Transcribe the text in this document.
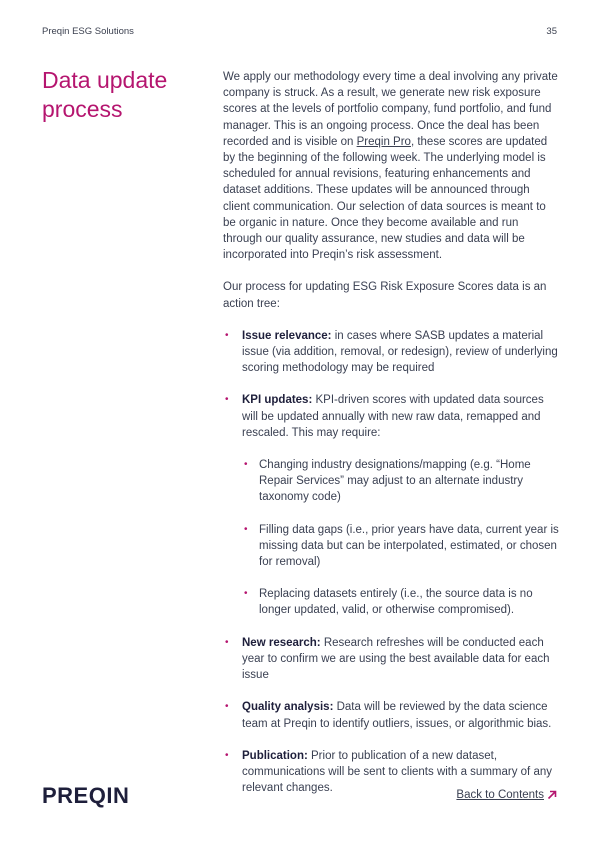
Preqin ESG Solutions	35
Data update process

We apply our methodology every time a deal involving any private company is struck. As a result, we generate new risk exposure scores at the levels of portfolio company, fund portfolio, and fund manager. This is an ongoing process. Once the deal has been recorded and is visible on Preqin Pro, these scores are updated by the beginning of the following week. The underlying model is scheduled for annual revisions, featuring enhancements and dataset additions. These updates will be announced through client communication. Our selection of data sources is meant to be organic in nature. Once they become available and run through our quality assurance, new studies and data will be incorporated into Preqin’s risk assessment.

Our process for updating ESG Risk Exposure Scores data is an action tree:

• Issue relevance: in cases where SASB updates a material issue (via addition, removal, or redesign), review of underlying scoring methodology may be required
• KPI updates: KPI-driven scores with updated data sources will be updated annually with new raw data, remapped and rescaled. This may require:
• Changing industry designations/mapping (e.g. “Home Repair Services” may adjust to an alternate industry taxonomy code)
• Filling data gaps (i.e., prior years have data, current year is missing data but can be interpolated, estimated, or chosen for removal)
• Replacing datasets entirely (i.e., the source data is no longer updated, valid, or otherwise compromised).
• New research: Research refreshes will be conducted each year to confirm we are using the best available data for each issue
• Quality analysis: Data will be reviewed by the data science team at Preqin to identify outliers, issues, or algorithmic bias.
• Publication: Prior to publication of a new dataset, communications will be sent to clients with a summary of any relevant changes.
PREQIN	Back to Contents
